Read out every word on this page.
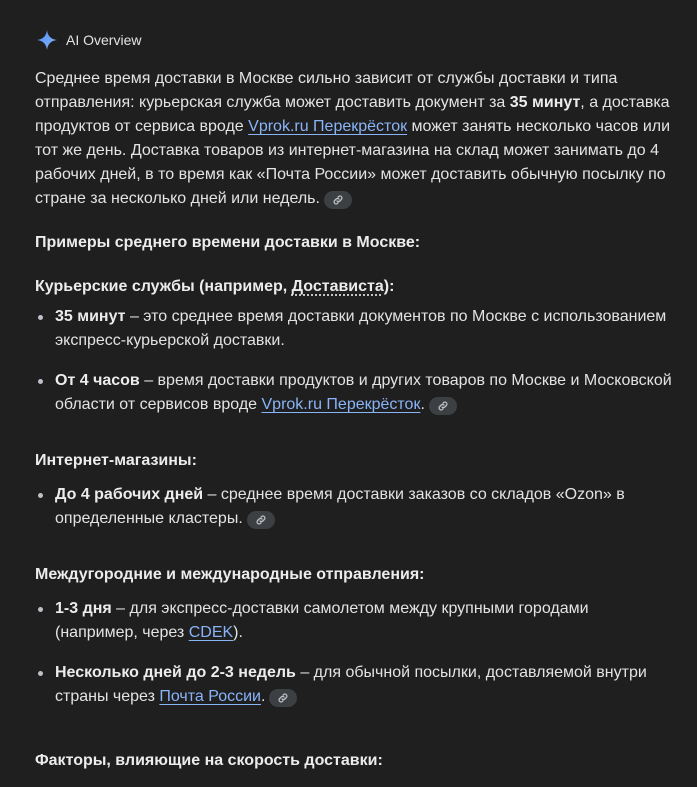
AI Overview

Среднее время доставки в Москве сильно зависит от службы доставки и типа отправления: курьерская служба может доставить документ за 35 минут, а доставка продуктов от сервиса вроде Vprok.ru Перекрёсток может занять несколько часов или тот же день. Доставка товаров из интернет-магазина на склад может занимать до 4 рабочих дней, в то время как «Почта России» может доставить обычную посылку по стране за несколько дней или недель.

Примеры среднего времени доставки в Москве:

Курьерские службы (например, Достависта):

35 минут – это среднее время доставки документов по Москве с использованием экспресс-курьерской доставки.
От 4 часов – время доставки продуктов и других товаров по Москве и Московской области от сервисов вроде Vprok.ru Перекрёсток.

Интернет-магазины:

До 4 рабочих дней – среднее время доставки заказов со складов «Ozon» в определенные кластеры.

Междугородние и международные отправления:

1-3 дня – для экспресс-доставки самолетом между крупными городами (например, через CDEK).
Несколько дней до 2-3 недель – для обычной посылки, доставляемой внутри страны через Почта России.

Факторы, влияющие на скорость доставки:
